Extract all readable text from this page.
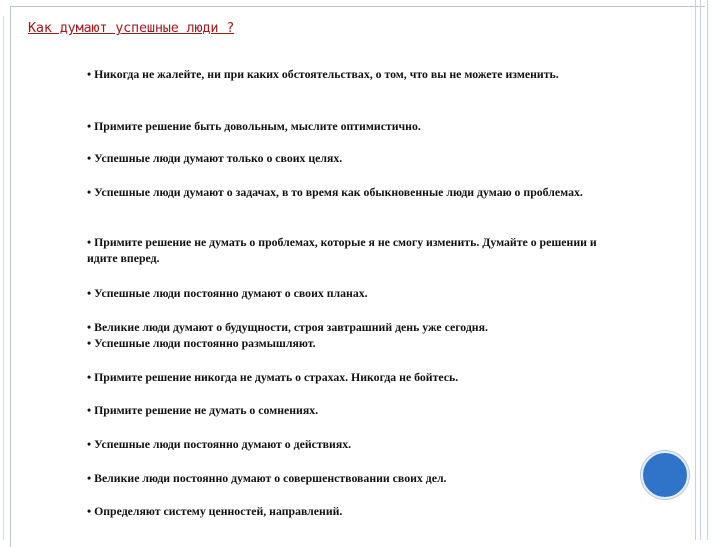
Как думают успешные люди ?

• Никогда не жалейте, ни при каких обстоятельствах, о том, что вы не можете изменить.

• Примите решение быть довольным, мыслите оптимистично.

• Успешные люди думают только о своих целях.

• Успешные люди думают о задачах, в то время как обыкновенные люди думаю о проблемах.

• Примите решение не думать о проблемах, которые я не смогу изменить. Думайте о решении и идите вперед.

• Успешные люди постоянно думают о своих планах.

• Великие люди думают о будущности, строя завтрашний день уже сегодня.

• Успешные люди постоянно размышляют.

• Примите решение никогда не думать о страхах. Никогда не бойтесь.

• Примите решение не думать о сомнениях.

• Успешные люди постоянно думают о действиях.

• Великие люди постоянно думают о совершенствовании своих дел.

• Определяют систему ценностей, направлений.
